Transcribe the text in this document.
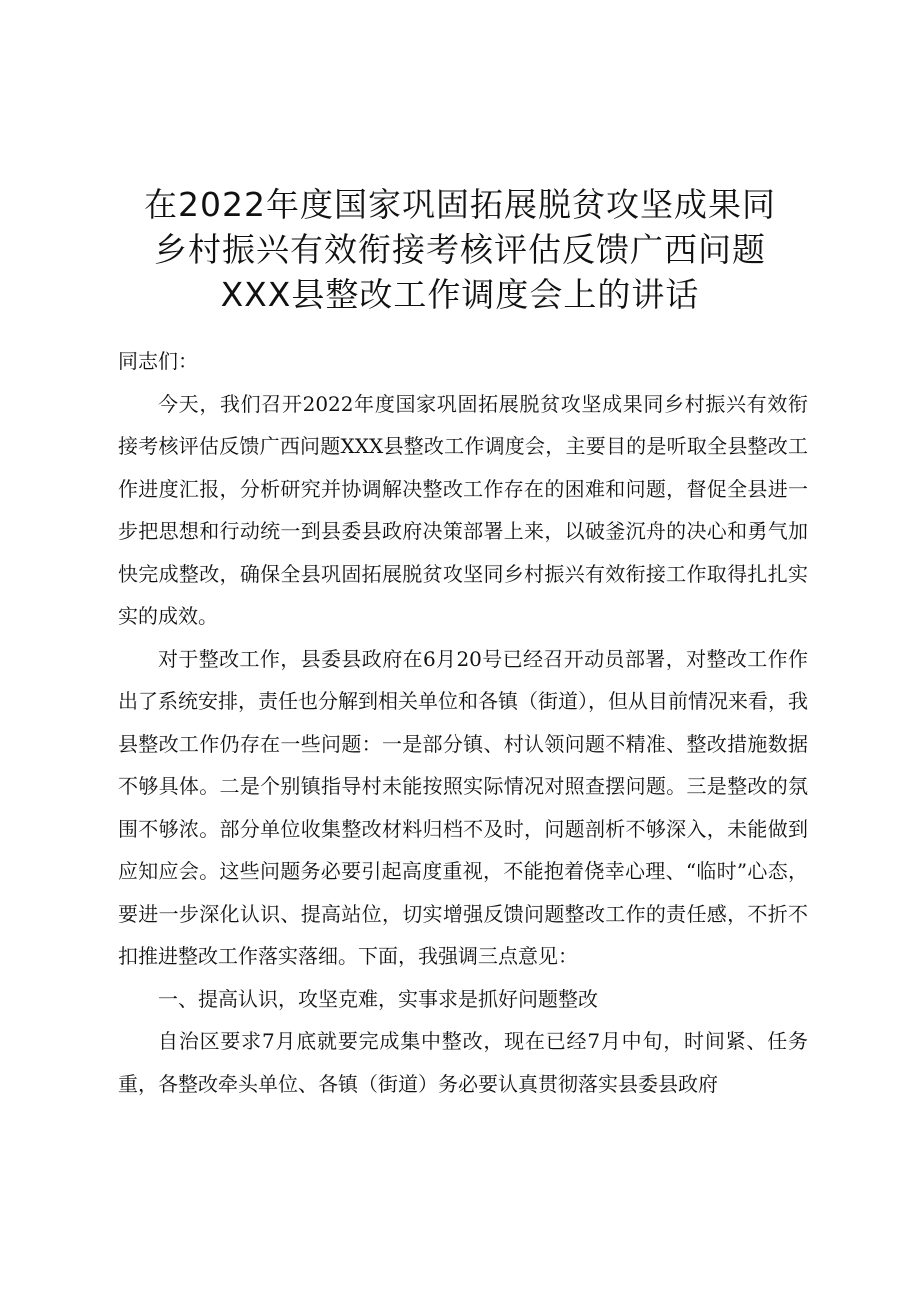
在2022年度国家巩固拓展脱贫攻坚成果同
乡村振兴有效衔接考核评估反馈广西问题
XXX县整改工作调度会上的讲话

同志们：

今天，我们召开2022年度国家巩固拓展脱贫攻坚成果同乡村振兴有效衔接考核评估反馈广西问题XXX县整改工作调度会，主要目的是听取全县整改工作进度汇报，分析研究并协调解决整改工作存在的困难和问题，督促全县进一步把思想和行动统一到县委县政府决策部署上来，以破釜沉舟的决心和勇气加快完成整改，确保全县巩固拓展脱贫攻坚同乡村振兴有效衔接工作取得扎扎实实的成效。

对于整改工作，县委县政府在6月20号已经召开动员部署，对整改工作作出了系统安排，责任也分解到相关单位和各镇（街道），但从目前情况来看，我县整改工作仍存在一些问题：一是部分镇、村认领问题不精准、整改措施数据不够具体。二是个别镇指导村未能按照实际情况对照查摆问题。三是整改的氛围不够浓。部分单位收集整改材料归档不及时，问题剖析不够深入，未能做到应知应会。这些问题务必要引起高度重视，不能抱着侥幸心理、“临时”心态，要进一步深化认识、提高站位，切实增强反馈问题整改工作的责任感，不折不扣推进整改工作落实落细。下面，我强调三点意见：

一、提高认识，攻坚克难，实事求是抓好问题整改

自治区要求7月底就要完成集中整改，现在已经7月中旬，时间紧、任务重，各整改牵头单位、各镇（街道）务必要认真贯彻落实县委县政府
